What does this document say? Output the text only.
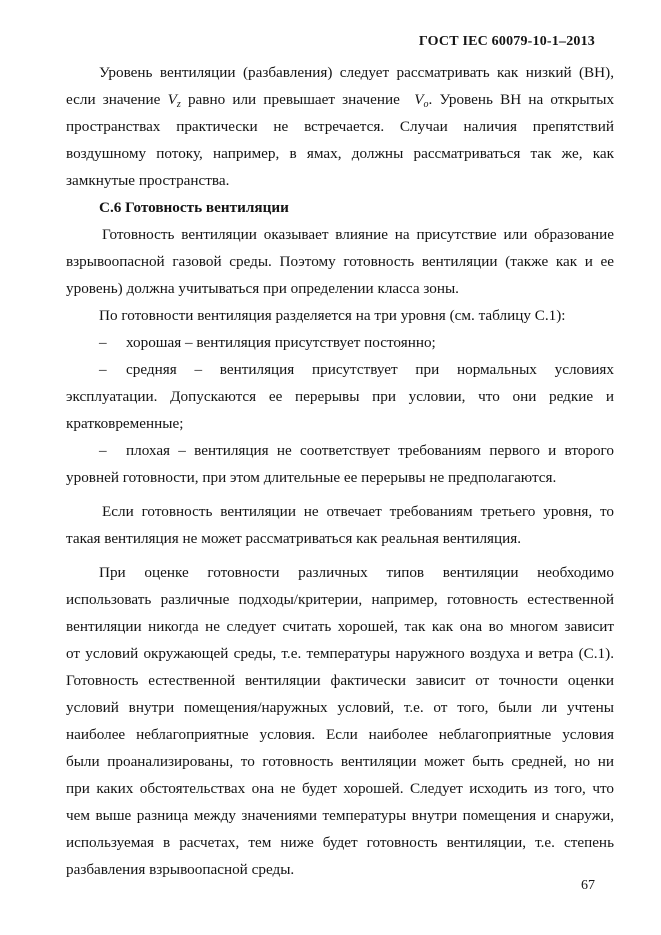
ГОСТ IEC 60079-10-1–2013
Уровень вентиляции (разбавления) следует рассматривать как низкий (ВН),
если значение $V_z$ равно или превышает значение $V_o$. Уровень ВН на открытых
пространствах практически не встречается. Случаи наличия препятствий
воздушному потоку, например, в ямах, должны рассматриваться так же, как
замкнутые пространства.
С.6 Готовность вентиляции
Готовность вентиляции оказывает влияние на присутствие или образование
взрывоопасной газовой среды. Поэтому готовность вентиляции (также как и ее
уровень) должна учитываться при определении класса зоны.
По готовности вентиляция разделяется на три уровня (см. таблицу С.1):
– хорошая – вентиляция присутствует постоянно;
– средняя – вентиляция присутствует при нормальных условиях
эксплуатации. Допускаются ее перерывы при условии, что они редкие и
кратковременные;
– плохая – вентиляция не соответствует требованиям первого и второго
уровней готовности, при этом длительные ее перерывы не предполагаются.
Если готовность вентиляции не отвечает требованиям третьего уровня, то
такая вентиляция не может рассматриваться как реальная вентиляция.
При оценке готовности различных типов вентиляции необходимо
использовать различные подходы/критерии, например, готовность естественной
вентиляции никогда не следует считать хорошей, так как она во многом зависит
от условий окружающей среды, т.е. температуры наружного воздуха и ветра (С.1).
Готовность естественной вентиляции фактически зависит от точности оценки
условий внутри помещения/наружных условий, т.е. от того, были ли учтены
наиболее неблагоприятные условия. Если наиболее неблагоприятные условия
были проанализированы, то готовность вентиляции может быть средней, но ни
при каких обстоятельствах она не будет хорошей. Следует исходить из того, что
чем выше разница между значениями температуры внутри помещения и снаружи,
используемая в расчетах, тем ниже будет готовность вентиляции, т.е. степень
разбавления взрывоопасной среды.
67
